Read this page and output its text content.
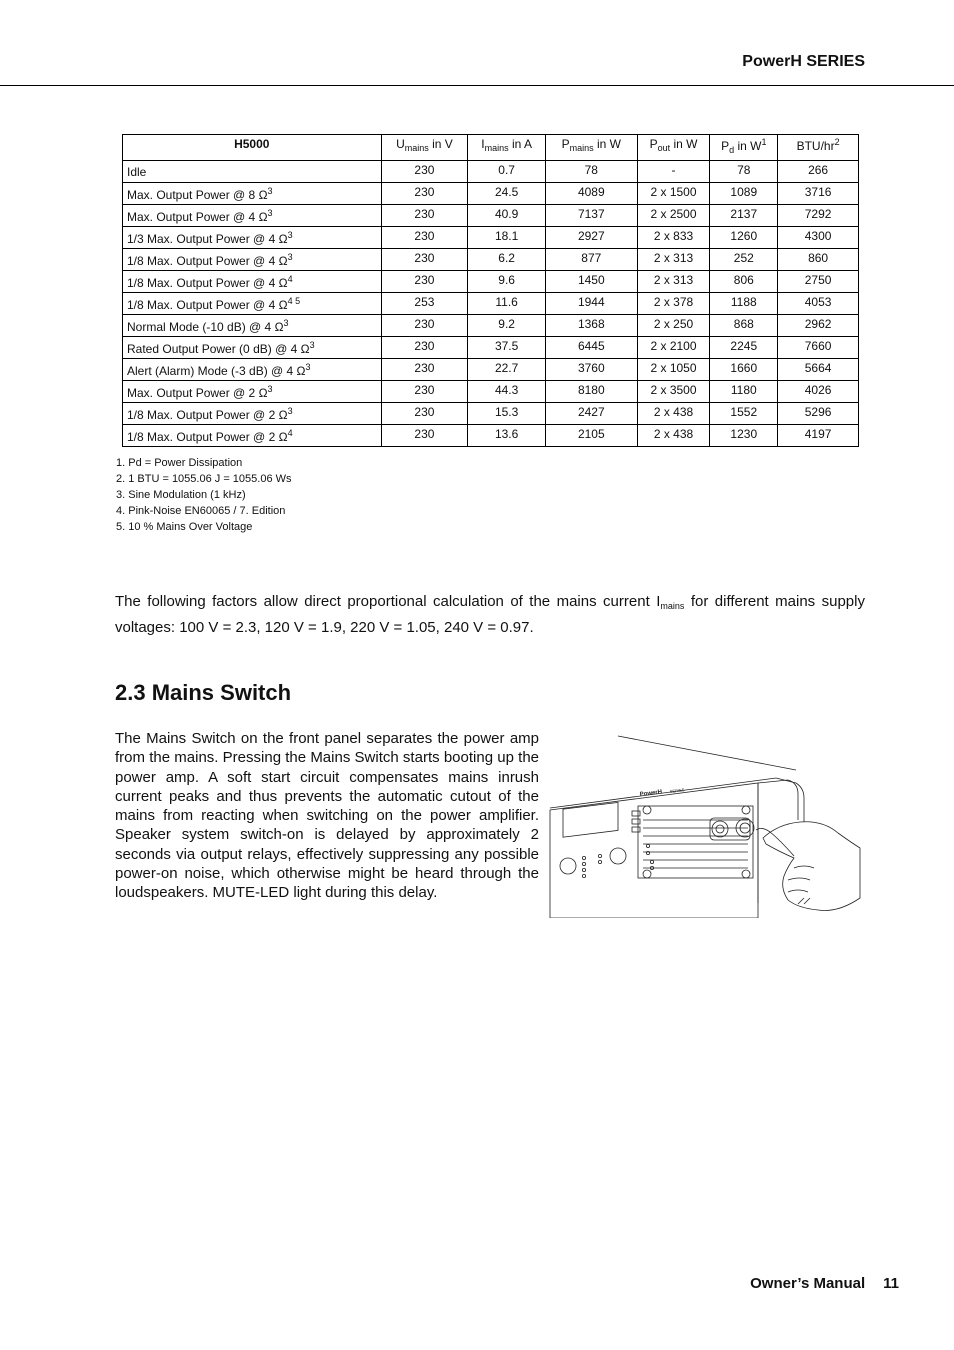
PowerH SERIES
H5000	$U_{mains}$ in V	$I_{mains}$ in A	$P_{mains}$ in W	$P_{out}$ in W	$P_d$ in $W^1$	BTU/$hr^2$
Idle	230	0.7	78	-	78	266
Max. Output Power @ 8 $\Omega^3$	230	24.5	4089	2 x 1500	1089	3716
Max. Output Power @ 4 $\Omega^3$	230	40.9	7137	2 x 2500	2137	7292
1/3 Max. Output Power @ 4 $\Omega^3$	230	18.1	2927	2 x 833	1260	4300
1/8 Max. Output Power @ 4 $\Omega^3$	230	6.2	877	2 x 313	252	860
1/8 Max. Output Power @ 4 $\Omega^4$	230	9.6	1450	2 x 313	806	2750
1/8 Max. Output Power @ 4 $\Omega^{4 5}$	253	11.6	1944	2 x 378	1188	4053
Normal Mode (-10 dB) @ 4 $\Omega^3$	230	9.2	1368	2 x 250	868	2962
Rated Output Power (0 dB) @ 4 $\Omega^3$	230	37.5	6445	2 x 2100	2245	7660
Alert (Alarm) Mode (-3 dB) @ 4 $\Omega^3$	230	22.7	3760	2 x 1050	1660	5664
Max. Output Power @ 2 $\Omega^3$	230	44.3	8180	2 x 3500	1180	4026
1/8 Max. Output Power @ 2 $\Omega^3$	230	15.3	2427	2 x 438	1552	5296
1/8 Max. Output Power @ 2 $\Omega^4$	230	13.6	2105	2 x 438	1230	4197
1. Pd = Power Dissipation
2. 1 BTU = 1055.06 J = 1055.06 Ws
3. Sine Modulation (1 kHz)
4. Pink-Noise EN60065 / 7. Edition
5. 10 % Mains Over Voltage

The following factors allow direct proportional calculation of the mains current $I_{mains}$ for different mains supply voltages: 100 V = 2.3, 120 V = 1.9, 220 V = 1.05, 240 V = 0.97.

2.3 Mains Switch

The Mains Switch on the front panel separates the power amp from the mains. Pressing the Mains Switch starts booting up the power amp. A soft start circuit compensates mains inrush current peaks and thus prevents the automatic cutout of the mains from reacting when switching on the power amplifier. Speaker system switch-on is delayed by approximately 2 seconds via output relays, effectively suppressing any possible power-on noise, which otherwise might be heard through the loudspeakers. MUTE-LED light during this delay.

PowerH SERIES
Owner’s Manual 11
